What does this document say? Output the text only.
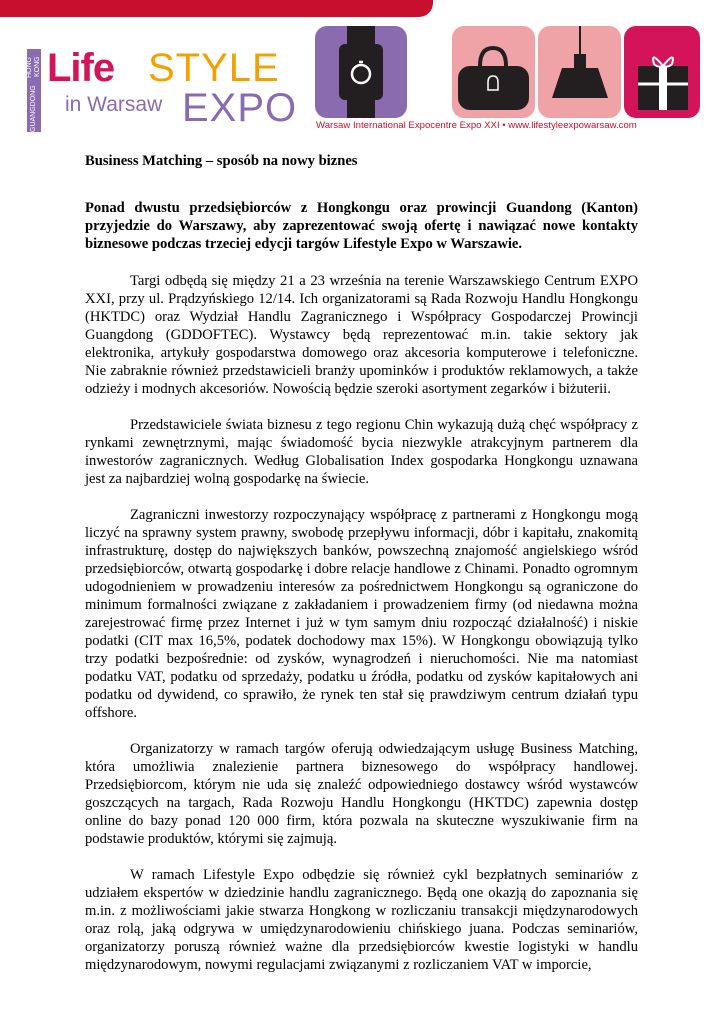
GUANGDONG
HONG KONG Life STYLE
in Warsaw EXPO Warsaw International Expocentre Expo XXI • www.lifestyleexpowarsaw.com

Business Matching – sposób na nowy biznes

Ponad dwustu przedsiębiorców z Hongkongu oraz prowincji Guandong (Kanton) przyjedzie do Warszawy, aby zaprezentować swoją ofertę i nawiązać nowe kontakty biznesowe podczas trzeciej edycji targów Lifestyle Expo w Warszawie.

Targi odbędą się między 21 a 23 września na terenie Warszawskiego Centrum EXPO XXI, przy ul. Prądzyńskiego 12/14. Ich organizatorami są Rada Rozwoju Handlu Hongkongu (HKTDC) oraz Wydział Handlu Zagranicznego i Współpracy Gospodarczej Prowincji Guangdong (GDDOFTEC). Wystawcy będą reprezentować m.in. takie sektory jak elektronika, artykuły gospodarstwa domowego oraz akcesoria komputerowe i telefoniczne. Nie zabraknie również przedstawicieli branży upominków i produktów reklamowych, a także odzieży i modnych akcesoriów. Nowością będzie szeroki asortyment zegarków i biżuterii.

Przedstawiciele świata biznesu z tego regionu Chin wykazują dużą chęć współpracy z rynkami zewnętrznymi, mając świadomość bycia niezwykle atrakcyjnym partnerem dla inwestorów zagranicznych. Według Globalisation Index gospodarka Hongkongu uznawana jest za najbardziej wolną gospodarkę na świecie.

Zagraniczni inwestorzy rozpoczynający współpracę z partnerami z Hongkongu mogą liczyć na sprawny system prawny, swobodę przepływu informacji, dóbr i kapitału, znakomitą infrastrukturę, dostęp do największych banków, powszechną znajomość angielskiego wśród przedsiębiorców, otwartą gospodarkę i dobre relacje handlowe z Chinami. Ponadto ogromnym udogodnieniem w prowadzeniu interesów za pośrednictwem Hongkongu są ograniczone do minimum formalności związane z zakładaniem i prowadzeniem firmy (od niedawna można zarejestrować firmę przez Internet i już w tym samym dniu rozpocząć działalność) i niskie podatki (CIT max 16,5%, podatek dochodowy max 15%). W Hongkongu obowiązują tylko trzy podatki bezpośrednie: od zysków, wynagrodzeń i nieruchomości. Nie ma natomiast podatku VAT, podatku od sprzedaży, podatku u źródła, podatku od zysków kapitałowych ani podatku od dywidend, co sprawiło, że rynek ten stał się prawdziwym centrum działań typu offshore.

Organizatorzy w ramach targów oferują odwiedzającym usługę Business Matching, która umożliwia znalezienie partnera biznesowego do współpracy handlowej. Przedsiębiorcom, którym nie uda się znaleźć odpowiedniego dostawcy wśród wystawców goszczących na targach, Rada Rozwoju Handlu Hongkongu (HKTDC) zapewnia dostęp online do bazy ponad 120 000 firm, która pozwala na skuteczne wyszukiwanie firm na podstawie produktów, którymi się zajmują.

W ramach Lifestyle Expo odbędzie się również cykl bezpłatnych seminariów z udziałem ekspertów w dziedzinie handlu zagranicznego. Będą one okazją do zapoznania się m.in. z możliwościami jakie stwarza Hongkong w rozliczaniu transakcji międzynarodowych oraz rolą, jaką odgrywa w umiędzynarodowieniu chińskiego juana. Podczas seminariów, organizatorzy poruszą również ważne dla przedsiębiorców kwestie logistyki w handlu międzynarodowym, nowymi regulacjami związanymi z rozliczaniem VAT w imporcie,
